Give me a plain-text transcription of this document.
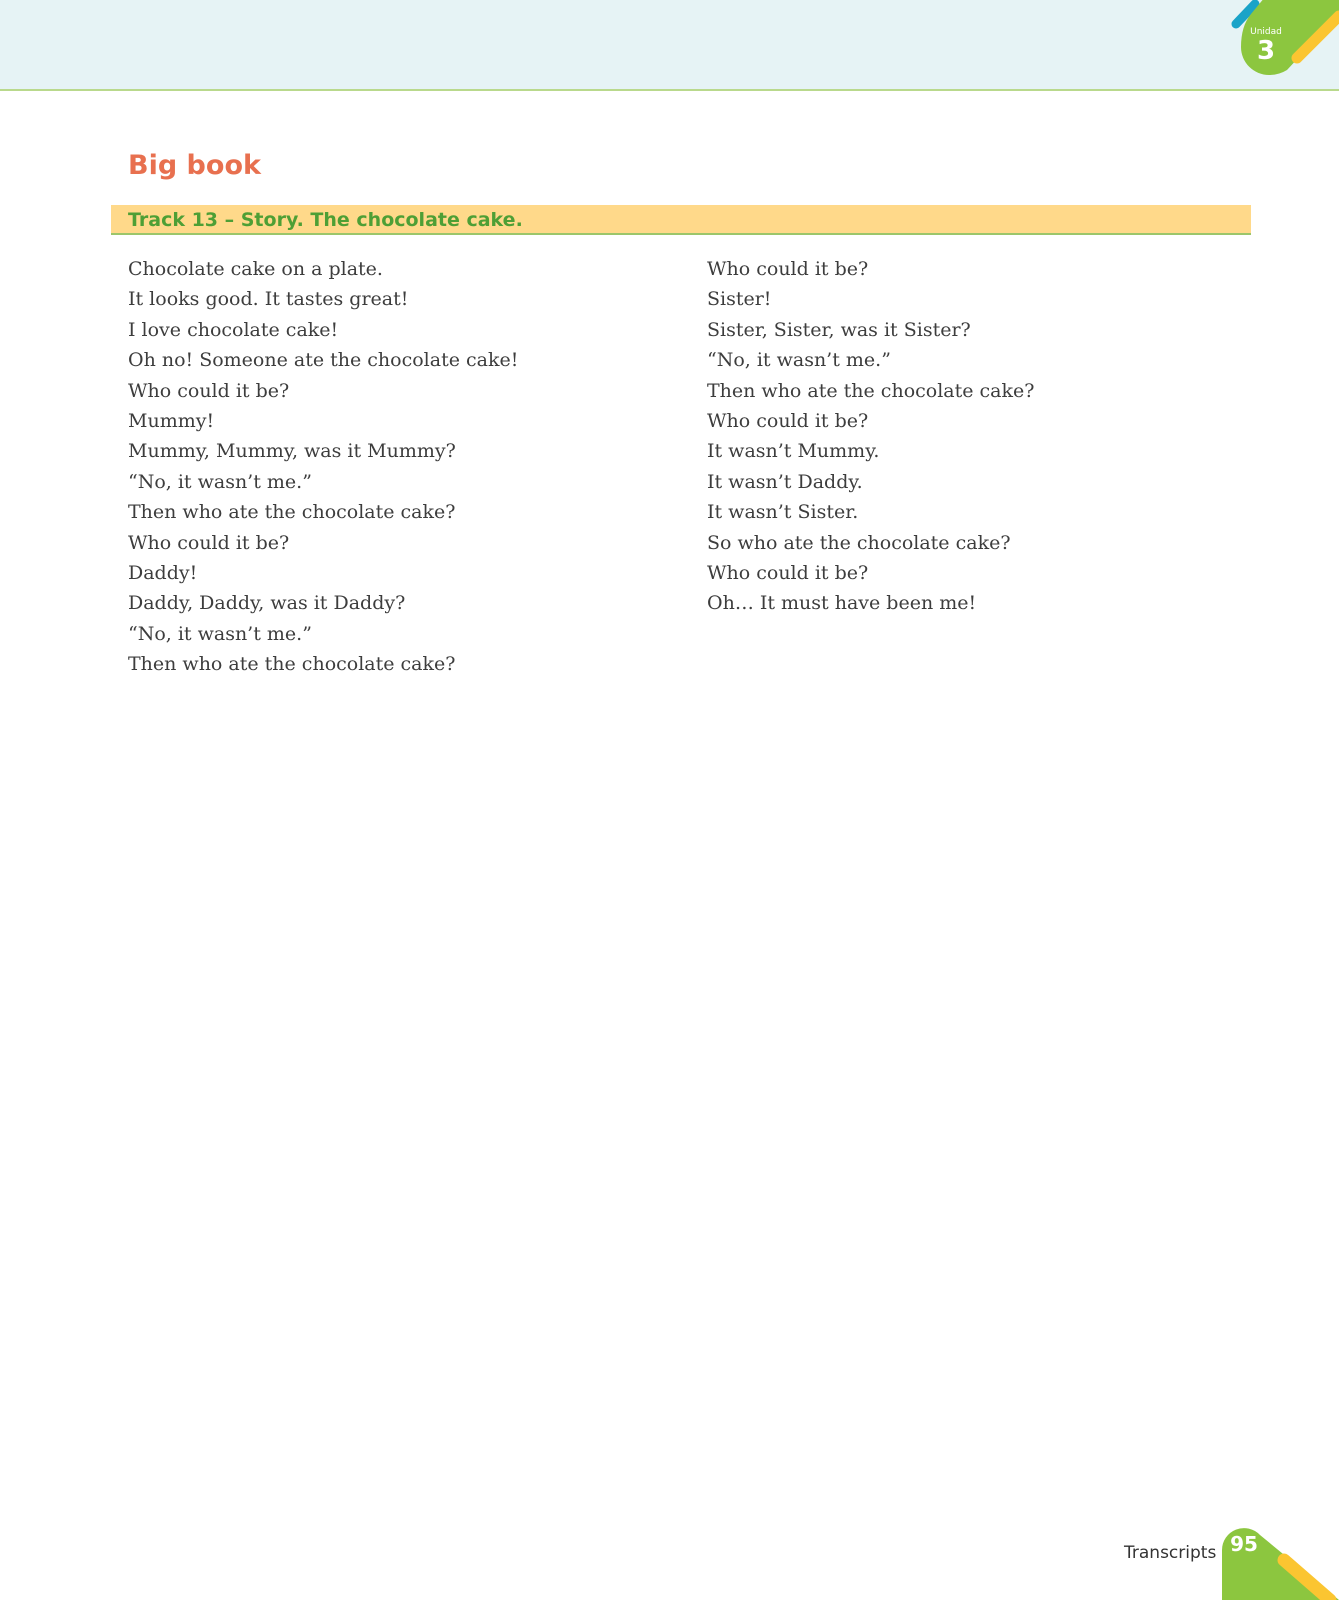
Unidad
3
Big book
Track 13 – Story. The chocolate cake.
Chocolate cake on a plate.
It looks good. It tastes great!
I love chocolate cake!
Oh no! Someone ate the chocolate cake!
Who could it be?
Mummy!
Mummy, Mummy, was it Mummy?
“No, it wasn’t me.”
Then who ate the chocolate cake?
Who could it be?
Daddy!
Daddy, Daddy, was it Daddy?
“No, it wasn’t me.”
Then who ate the chocolate cake?
Who could it be?
Sister!
Sister, Sister, was it Sister?
“No, it wasn’t me.”
Then who ate the chocolate cake?
Who could it be?
It wasn’t Mummy.
It wasn’t Daddy.
It wasn’t Sister.
So who ate the chocolate cake?
Who could it be?
Oh… It must have been me!
Transcripts 95
